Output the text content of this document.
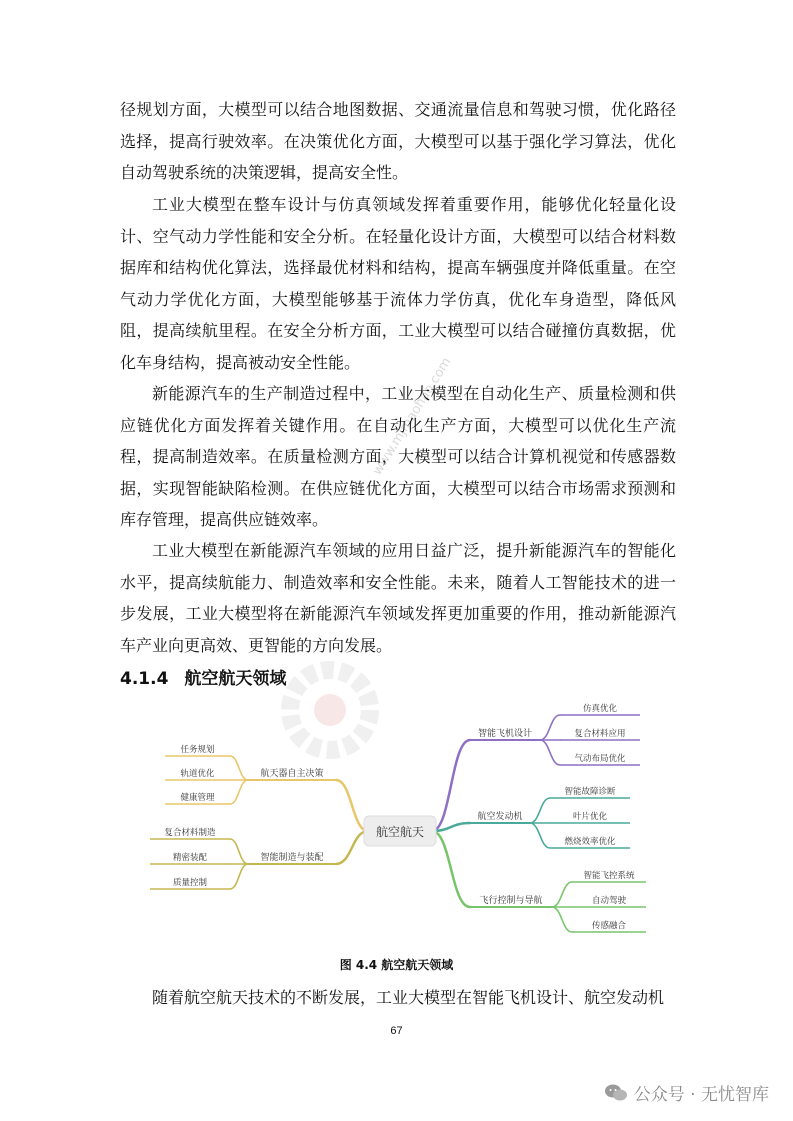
www.mjmaohao.com

径规划方面，大模型可以结合地图数据、交通流量信息和驾驶习惯，优化路径选择，提高行驶效率。在决策优化方面，大模型可以基于强化学习算法，优化自动驾驶系统的决策逻辑，提高安全性。

工业大模型在整车设计与仿真领域发挥着重要作用，能够优化轻量化设计、空气动力学性能和安全分析。在轻量化设计方面，大模型可以结合材料数据库和结构优化算法，选择最优材料和结构，提高车辆强度并降低重量。在空气动力学优化方面，大模型能够基于流体力学仿真，优化车身造型，降低风阻，提高续航里程。在安全分析方面，工业大模型可以结合碰撞仿真数据，优化车身结构，提高被动安全性能。

新能源汽车的生产制造过程中，工业大模型在自动化生产、质量检测和供应链优化方面发挥着关键作用。在自动化生产方面，大模型可以优化生产流程，提高制造效率。在质量检测方面，大模型可以结合计算机视觉和传感器数据，实现智能缺陷检测。在供应链优化方面，大模型可以结合市场需求预测和库存管理，提高供应链效率。

工业大模型在新能源汽车领域的应用日益广泛，提升新能源汽车的智能化水平，提高续航能力、制造效率和安全性能。未来，随着人工智能技术的进一步发展，工业大模型将在新能源汽车领域发挥更加重要的作用，推动新能源汽车产业向更高效、更智能的方向发展。

4.1.4 航空航天领域
航天器自主决策
任务规划
轨道优化
健康管理
智能制造与装配
复合材料制造
精密装配
质量控制
智能飞机设计
仿真优化
复合材料应用
气动布局优化
航空发动机
智能故障诊断
叶片优化
燃烧效率优化
飞行控制与导航
智能飞控系统
自动驾驶
传感融合
航空航天
图 4.4 航空航天领域

随着航空航天技术的不断发展，工业大模型在智能飞机设计、航空发动机

67
公众号 · 无忧智库
